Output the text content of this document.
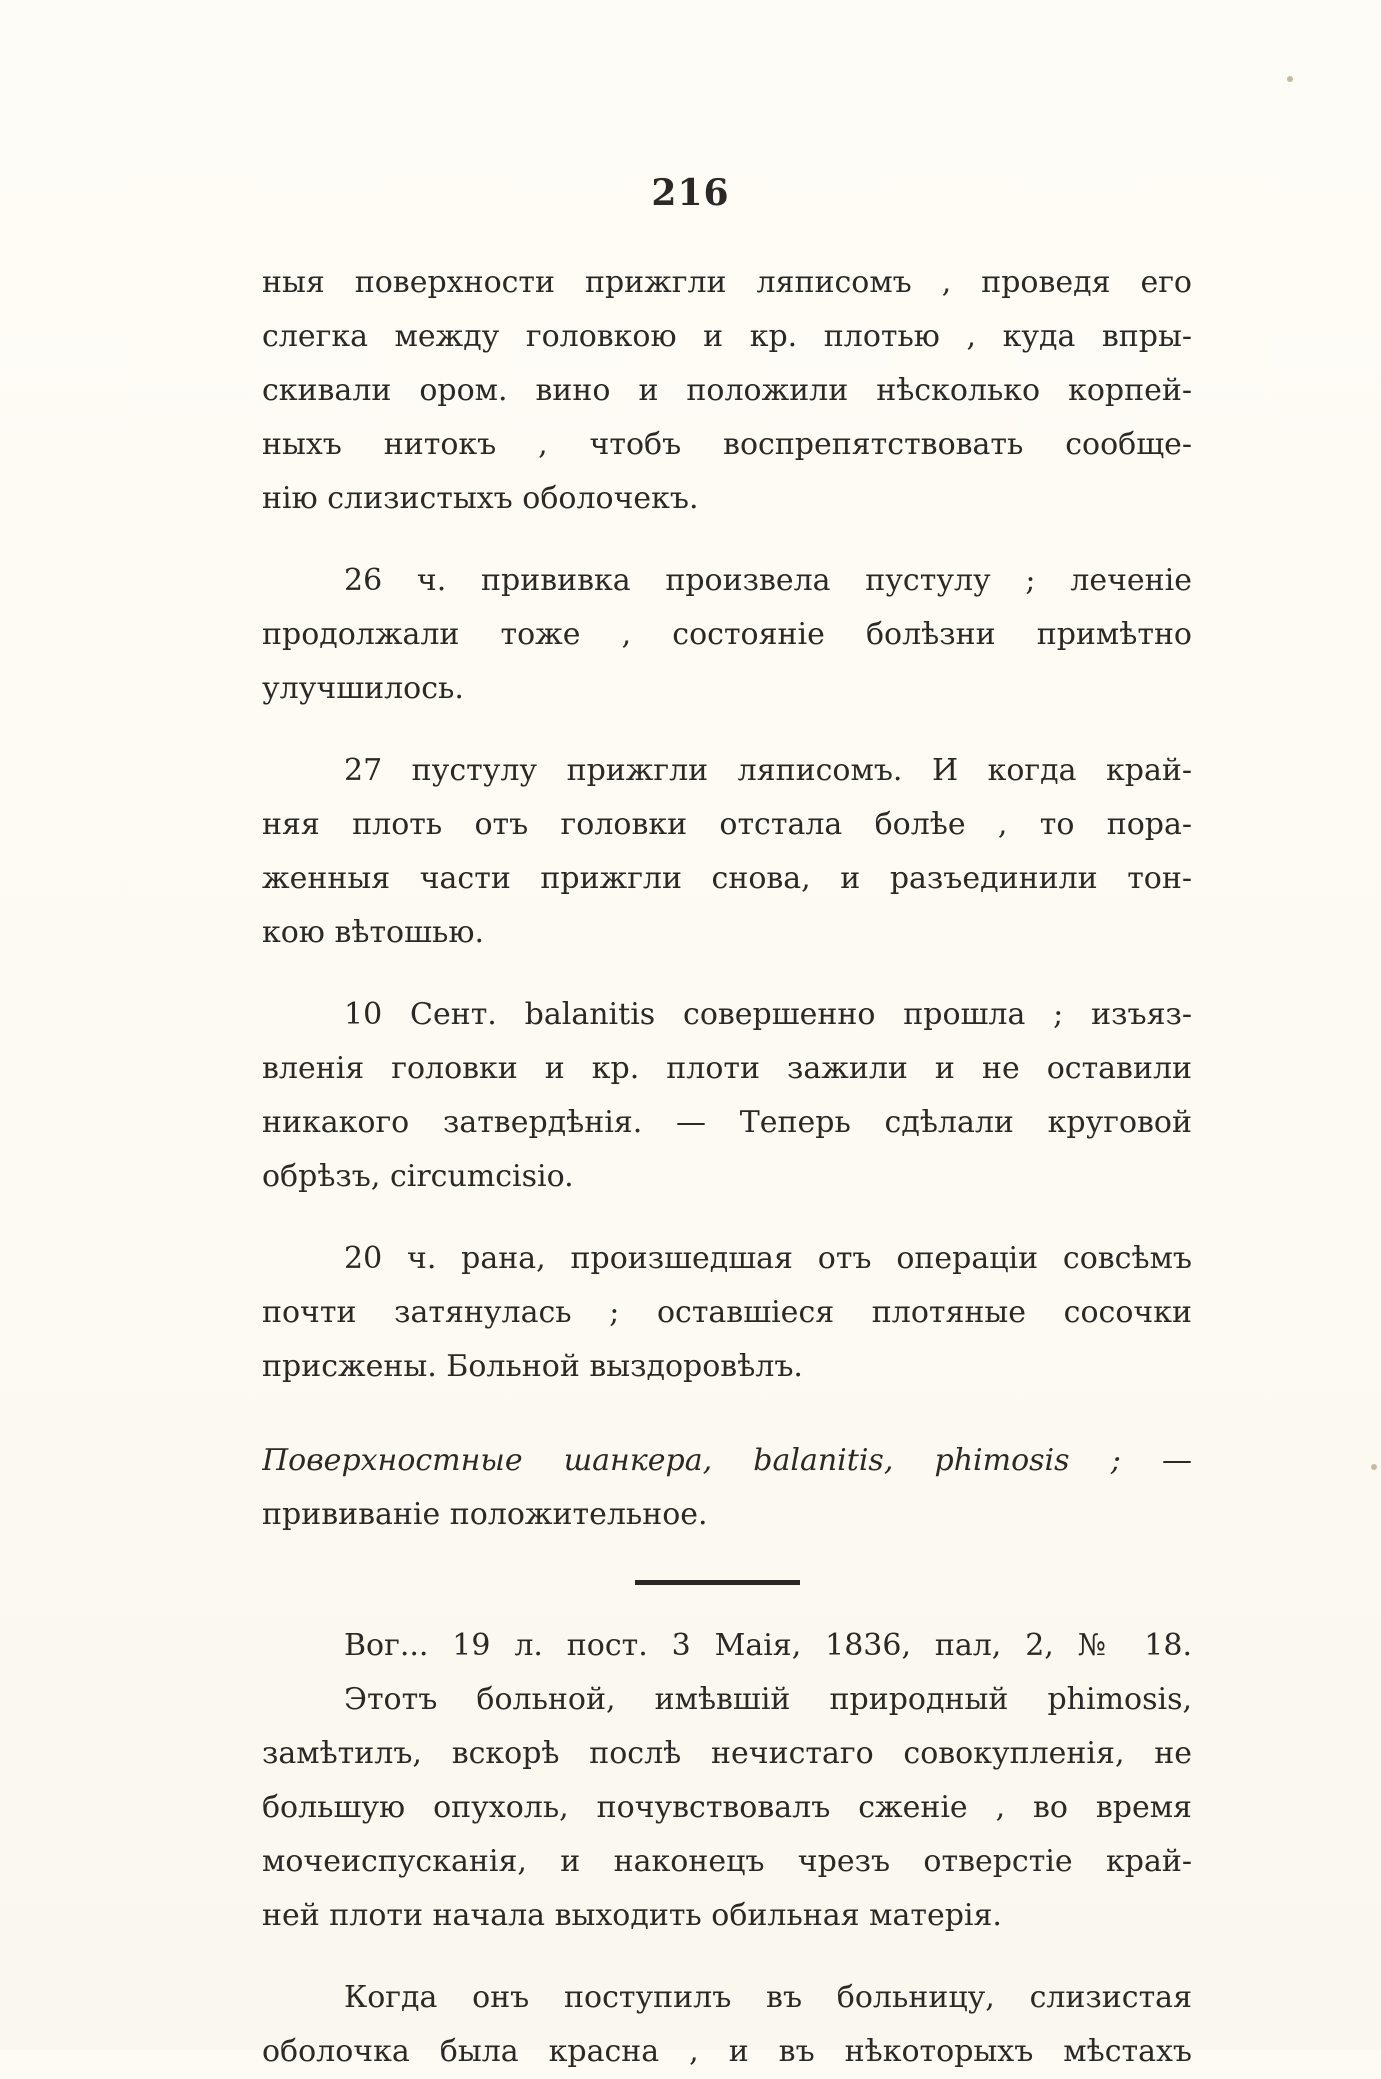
216
ныя поверхности прижгли ляписомъ , проведя его
слегка между головкою и кр. плотью , куда впры-
скивали ором. вино и положили нѣсколько корпей-
ныхъ нитокъ , чтобъ воспрепятствовать сообще-
нію слизистыхъ оболочекъ.
26 ч. прививка произвела пустулу ; леченіе
продолжали тоже , состояніе болѣзни примѣтно
улучшилось.
27 пустулу прижгли ляписомъ. И когда край-
няя плоть отъ головки отстала болѣе , то пора-
женныя части прижгли снова, и разъединили тон-
кою вѣтошью.
10 Сент. balanitis совершенно прошла ; изъяз-
вленія головки и кр. плоти зажили и не оставили
никакого затвердѣнія. — Теперь сдѣлали круговой
обрѣзъ, circumcisio.
20 ч. рана, произшедшая отъ операціи совсѣмъ
почти затянулась ; оставшіеся плотяные сосочки
присжены. Больной выздоровѣлъ.
Поверхностные шанкера, balanitis, phimosis ; —
прививаніе положительное.
Вог... 19 л. пост. 3 Маія, 1836, пал, 2, № 18.
Этотъ больной, имѣвшій природный phimosis,
замѣтилъ, вскорѣ послѣ нечистаго совокупленія, не
большую опухоль, почувствовалъ сженіе , во время
мочеиспусканія, и наконецъ чрезъ отверстіе край-
ней плоти начала выходить обильная матерія.
Когда онъ поступилъ въ больницу, слизистая
оболочка была красна , и въ нѣкоторыхъ мѣстахъ
